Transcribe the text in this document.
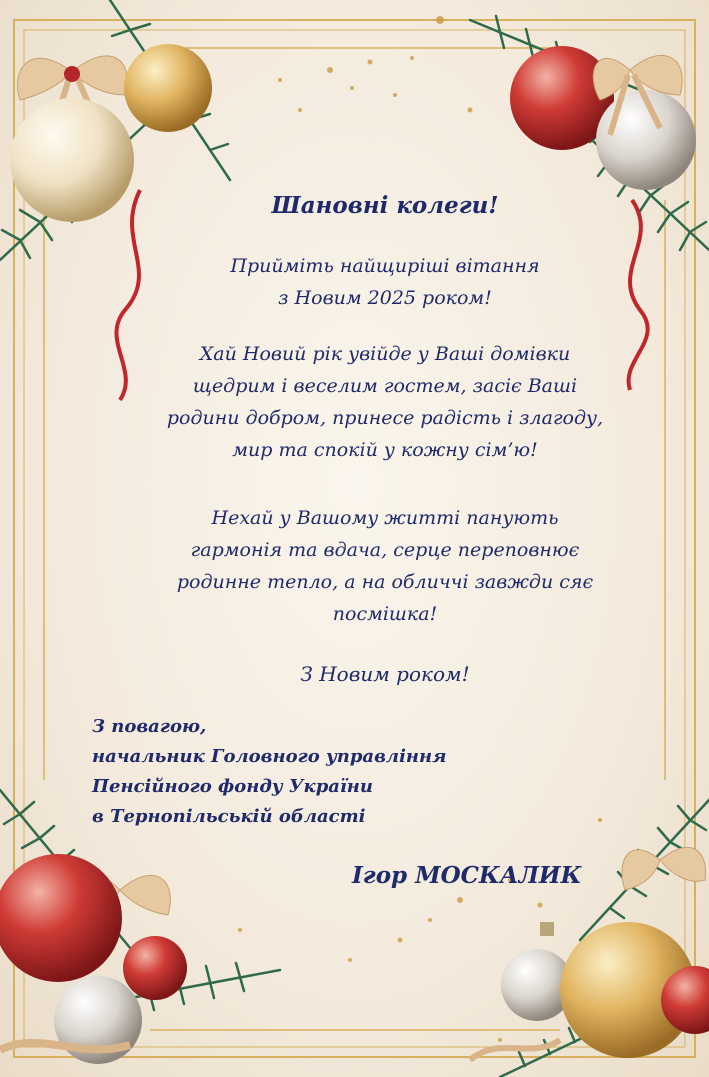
Шановні колеги!
Прийміть найщиріші вітання
з Новим 2025 роком!
Хай Новий рік увійде у Ваші домівки
щедрим і веселим гостем, засіє Ваші
родини добром, принесе радість і злагоду,
мир та спокій у кожну сім’ю!
Нехай у Вашому житті панують
гармонія та вдача, серце переповнює
родинне тепло, а на обличчі завжди сяє
посмішка!
З Новим роком!
З повагою,
начальник Головного управління
Пенсійного фонду України
в Тернопільській області
Ігор МОСКАЛИК
